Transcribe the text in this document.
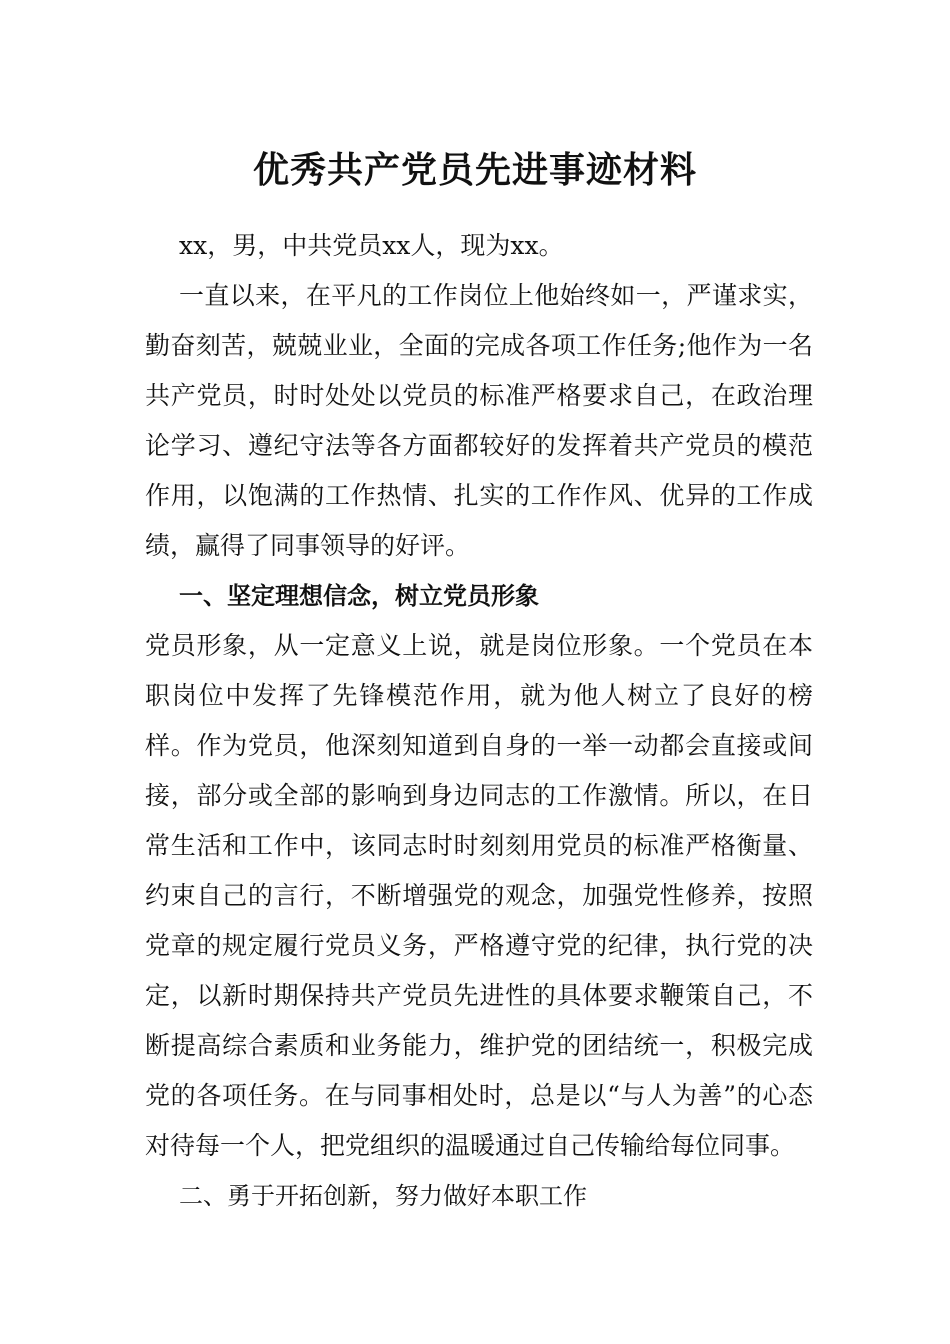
优秀共产党员先进事迹材料

xx，男，中共党员xx人，现为xx。

一直以来，在平凡的工作岗位上他始终如一，严谨求实，勤奋刻苦，兢兢业业，全面的完成各项工作任务;他作为一名共产党员，时时处处以党员的标准严格要求自己，在政治理论学习、遵纪守法等各方面都较好的发挥着共产党员的模范作用，以饱满的工作热情、扎实的工作作风、优异的工作成绩，赢得了同事领导的好评。

一、坚定理想信念，树立党员形象

党员形象，从一定意义上说，就是岗位形象。一个党员在本职岗位中发挥了先锋模范作用，就为他人树立了良好的榜样。作为党员，他深刻知道到自身的一举一动都会直接或间接，部分或全部的影响到身边同志的工作激情。所以，在日常生活和工作中，该同志时时刻刻用党员的标准严格衡量、约束自己的言行，不断增强党的观念，加强党性修养，按照党章的规定履行党员义务，严格遵守党的纪律，执行党的决定，以新时期保持共产党员先进性的具体要求鞭策自己，不断提高综合素质和业务能力，维护党的团结统一，积极完成党的各项任务。在与同事相处时，总是以“与人为善”的心态对待每一个人，把党组织的温暖通过自己传输给每位同事。

二、勇于开拓创新，努力做好本职工作
